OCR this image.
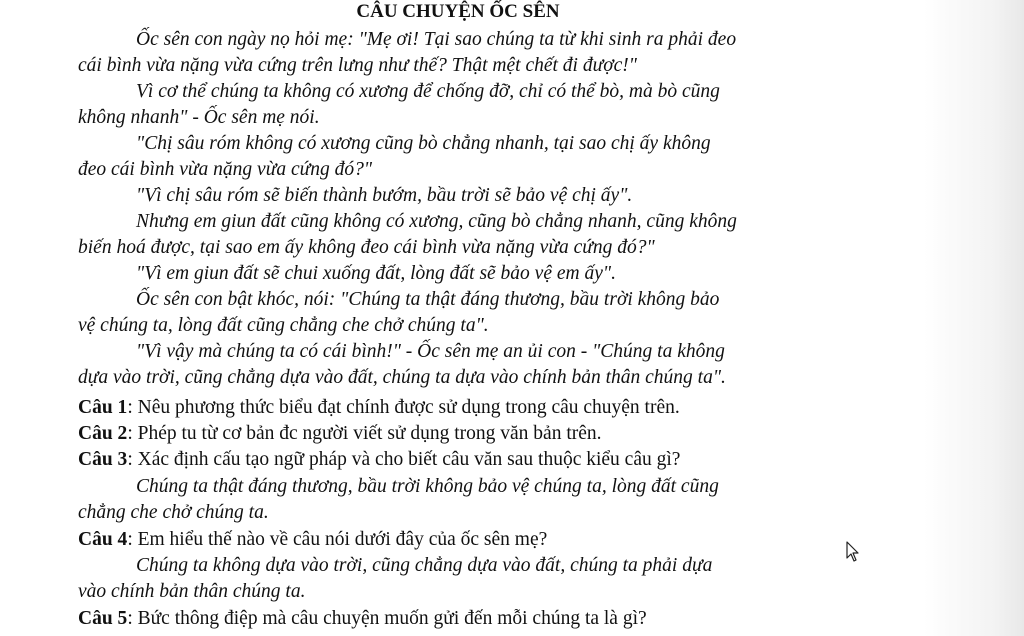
CÂU CHUYỆN ỐC SÊN
Ốc sên con ngày nọ hỏi mẹ: "Mẹ ơi! Tại sao chúng ta từ khi sinh ra phải đeo
cái bình vừa nặng vừa cứng trên lưng như thế? Thật mệt chết đi được!"
Vì cơ thể chúng ta không có xương để chống đỡ, chỉ có thể bò, mà bò cũng
không nhanh" - Ốc sên mẹ nói.
"Chị sâu róm không có xương cũng bò chẳng nhanh, tại sao chị ấy không
đeo cái bình vừa nặng vừa cứng đó?"
"Vì chị sâu róm sẽ biến thành bướm, bầu trời sẽ bảo vệ chị ấy".
Nhưng em giun đất cũng không có xương, cũng bò chẳng nhanh, cũng không
biến hoá được, tại sao em ấy không đeo cái bình vừa nặng vừa cứng đó?"
"Vì em giun đất sẽ chui xuống đất, lòng đất sẽ bảo vệ em ấy".
Ốc sên con bật khóc, nói: "Chúng ta thật đáng thương, bầu trời không bảo
vệ chúng ta, lòng đất cũng chẳng che chở chúng ta".
"Vì vậy mà chúng ta có cái bình!" - Ốc sên mẹ an ủi con - "Chúng ta không
dựa vào trời, cũng chẳng dựa vào đất, chúng ta dựa vào chính bản thân chúng ta".
Câu 1: Nêu phương thức biểu đạt chính được sử dụng trong câu chuyện trên.
Câu 2: Phép tu từ cơ bản đc người viết sử dụng trong văn bản trên.
Câu 3: Xác định cấu tạo ngữ pháp và cho biết câu văn sau thuộc kiểu câu gì?
Chúng ta thật đáng thương, bầu trời không bảo vệ chúng ta, lòng đất cũng
chẳng che chở chúng ta.
Câu 4: Em hiểu thế nào về câu nói dưới đây của ốc sên mẹ?
Chúng ta không dựa vào trời, cũng chẳng dựa vào đất, chúng ta phải dựa
vào chính bản thân chúng ta.
Câu 5: Bức thông điệp mà câu chuyện muốn gửi đến mỗi chúng ta là gì?
